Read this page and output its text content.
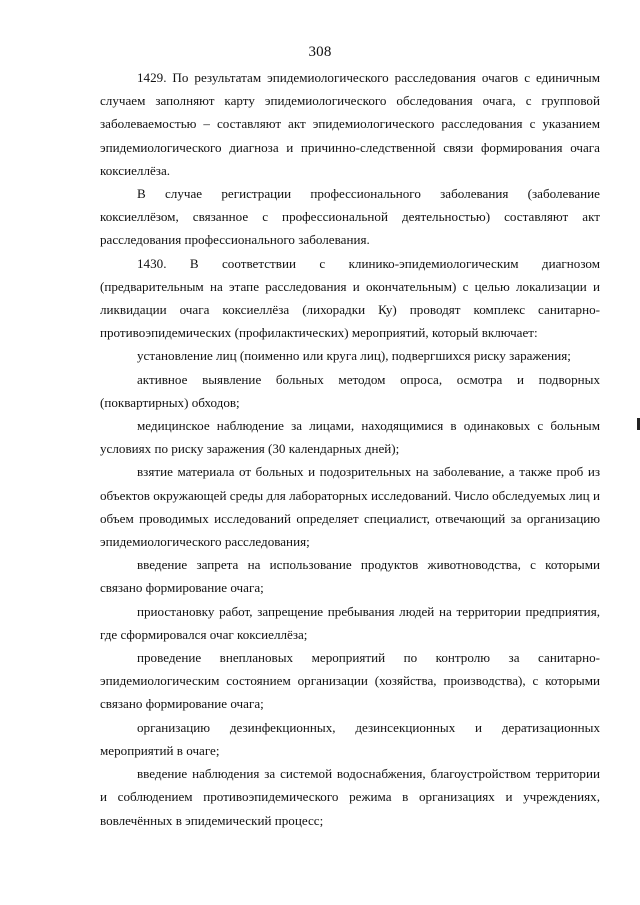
308

1429. По результатам эпидемиологического расследования очагов с единичным случаем заполняют карту эпидемиологического обследования очага, с групповой заболеваемостью – составляют акт эпидемиологического расследования с указанием эпидемиологического диагноза и причинно-следственной связи формирования очага коксиеллёза.

В случае регистрации профессионального заболевания (заболевание коксиеллёзом, связанное с профессиональной деятельностью) составляют акт расследования профессионального заболевания.

1430. В соответствии с клинико-эпидемиологическим диагнозом (предварительным на этапе расследования и окончательным) с целью локализации и ликвидации очага коксиеллёза (лихорадки Ку) проводят комплекс санитарно-противоэпидемических (профилактических) мероприятий, который включает:

установление лиц (поименно или круга лиц), подвергшихся риску заражения;

активное выявление больных методом опроса, осмотра и подворных (поквартирных) обходов;

медицинское наблюдение за лицами, находящимися в одинаковых с больным условиях по риску заражения (30 календарных дней);

взятие материала от больных и подозрительных на заболевание, а также проб из объектов окружающей среды для лабораторных исследований. Число обследуемых лиц и объем проводимых исследований определяет специалист, отвечающий за организацию эпидемиологического расследования;

введение запрета на использование продуктов животноводства, с которыми связано формирование очага;

приостановку работ, запрещение пребывания людей на территории предприятия, где сформировался очаг коксиеллёза;

проведение внеплановых мероприятий по контролю за санитарно-эпидемиологическим состоянием организации (хозяйства, производства), с которыми связано формирование очага;

организацию дезинфекционных, дезинсекционных и дератизационных мероприятий в очаге;

введение наблюдения за системой водоснабжения, благоустройством территории и соблюдением противоэпидемического режима в организациях и учреждениях, вовлечённых в эпидемический процесс;
